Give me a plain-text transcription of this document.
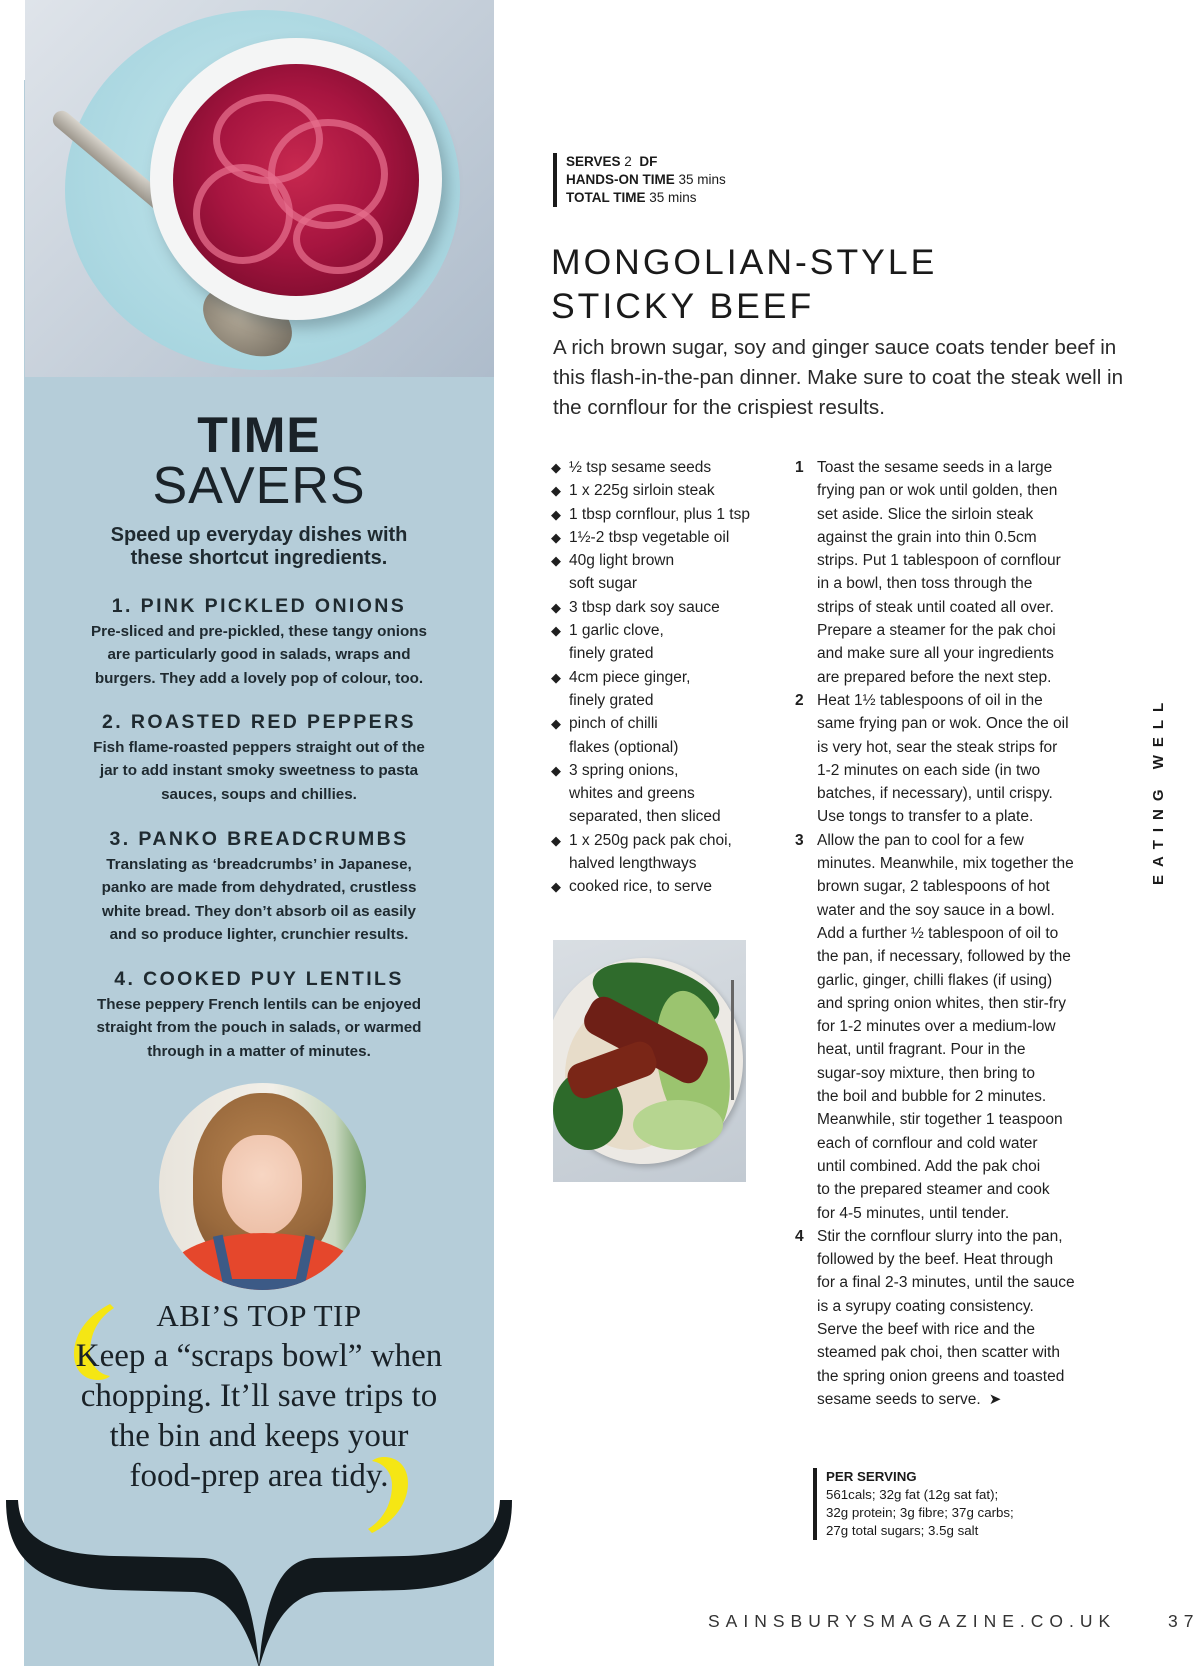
TIME
SAVERS
Speed up everyday dishes with these shortcut ingredients.
1. PINK PICKLED ONIONS

Pre-sliced and pre-pickled, these tangy onions
are particularly good in salads, wraps and
burgers. They add a lovely pop of colour, too.

2. ROASTED RED PEPPERS

Fish flame-roasted peppers straight out of the
jar to add instant smoky sweetness to pasta
sauces, soups and chillies.

3. PANKO BREADCRUMBS

Translating as ‘breadcrumbs’ in Japanese,
panko are made from dehydrated, crustless
white bread. They don’t absorb oil as easily
and so produce lighter, crunchier results.

4. COOKED PUY LENTILS

These peppery French lentils can be enjoyed
straight from the pouch in salads, or warmed
through in a matter of minutes.

ABI’S TOP TIP
Keep a “scraps bowl” when
chopping. It’ll save trips to
the bin and keeps your
food-prep area tidy.
SERVES 2 DF
HANDS-ON TIME 35 mins
TOTAL TIME 35 mins
MONGOLIAN-STYLE
STICKY BEEF

A rich brown sugar, soy and ginger sauce coats tender beef in this flash-in-the-pan dinner. Make sure to coat the steak well in the cornflour for the crispiest results.

◆ ½ tsp sesame seeds
◆ 1 x 225g sirloin steak
◆ 1 tbsp cornflour, plus 1 tsp
◆ 1½-2 tbsp vegetable oil
◆ 40g light brown
soft sugar
◆ 3 tbsp dark soy sauce
◆ 1 garlic clove,
finely grated
◆ 4cm piece ginger,
finely grated
◆ pinch of chilli
flakes (optional)
◆ 3 spring onions,
whites and greens
separated, then sliced
◆ 1 x 250g pack pak choi,
halved lengthways
◆ cooked rice, to serve
1 Toast the sesame seeds in a large
frying pan or wok until golden, then
set aside. Slice the sirloin steak
against the grain into thin 0.5cm
strips. Put 1 tablespoon of cornflour
in a bowl, then toss through the
strips of steak until coated all over.
Prepare a steamer for the pak choi
and make sure all your ingredients
are prepared before the next step.
2 Heat 1½ tablespoons of oil in the
same frying pan or wok. Once the oil
is very hot, sear the steak strips for
1-2 minutes on each side (in two
batches, if necessary), until crispy.
Use tongs to transfer to a plate.
3 Allow the pan to cool for a few
minutes. Meanwhile, mix together the
brown sugar, 2 tablespoons of hot
water and the soy sauce in a bowl.
Add a further ½ tablespoon of oil to
the pan, if necessary, followed by the
garlic, ginger, chilli flakes (if using)
and spring onion whites, then stir-fry
for 1-2 minutes over a medium-low
heat, until fragrant. Pour in the
sugar-soy mixture, then bring to
the boil and bubble for 2 minutes.
Meanwhile, stir together 1 teaspoon
each of cornflour and cold water
until combined. Add the pak choi
to the prepared steamer and cook
for 4-5 minutes, until tender.
4 Stir the cornflour slurry into the pan,
followed by the beef. Heat through
for a final 2-3 minutes, until the sauce
is a syrupy coating consistency.
Serve the beef with rice and the
steamed pak choi, then scatter with
the spring onion greens and toasted
sesame seeds to serve. ➤
PER SERVING
561cals; 32g fat (12g sat fat);
32g protein; 3g fibre; 37g carbs;
27g total sugars; 3.5g salt
EATING WELL
SAINSBURYSMAGAZINE.CO.UK	37
